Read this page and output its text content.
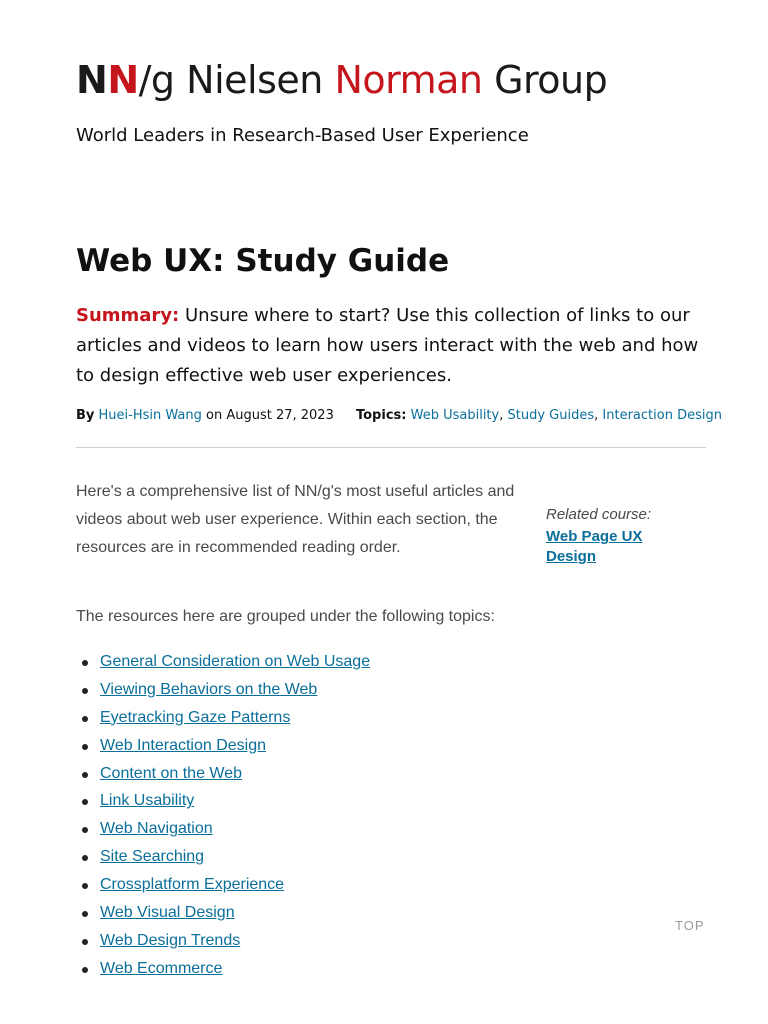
NN/g Nielsen Norman Group
World Leaders in Research-Based User Experience
Web UX: Study Guide
Summary: Unsure where to start? Use this collection of links to our articles and videos to learn how users interact with the web and how to design effective web user experiences.
By Huei-Hsin Wang on August 27, 2023 Topics: Web Usability, Study Guides, Interaction Design
Here's a comprehensive list of NN/g's most useful articles and videos about web user experience. Within each section, the resources are in recommended reading order.
Related course:
Web Page UX Design
The resources here are grouped under the following topics:
General Consideration on Web Usage
Viewing Behaviors on the Web
Eyetracking Gaze Patterns
Web Interaction Design
Content on the Web
Link Usability
Web Navigation
Site Searching
Crossplatform Experience
Web Visual Design
Web Design Trends
Web Ecommerce
TOP
